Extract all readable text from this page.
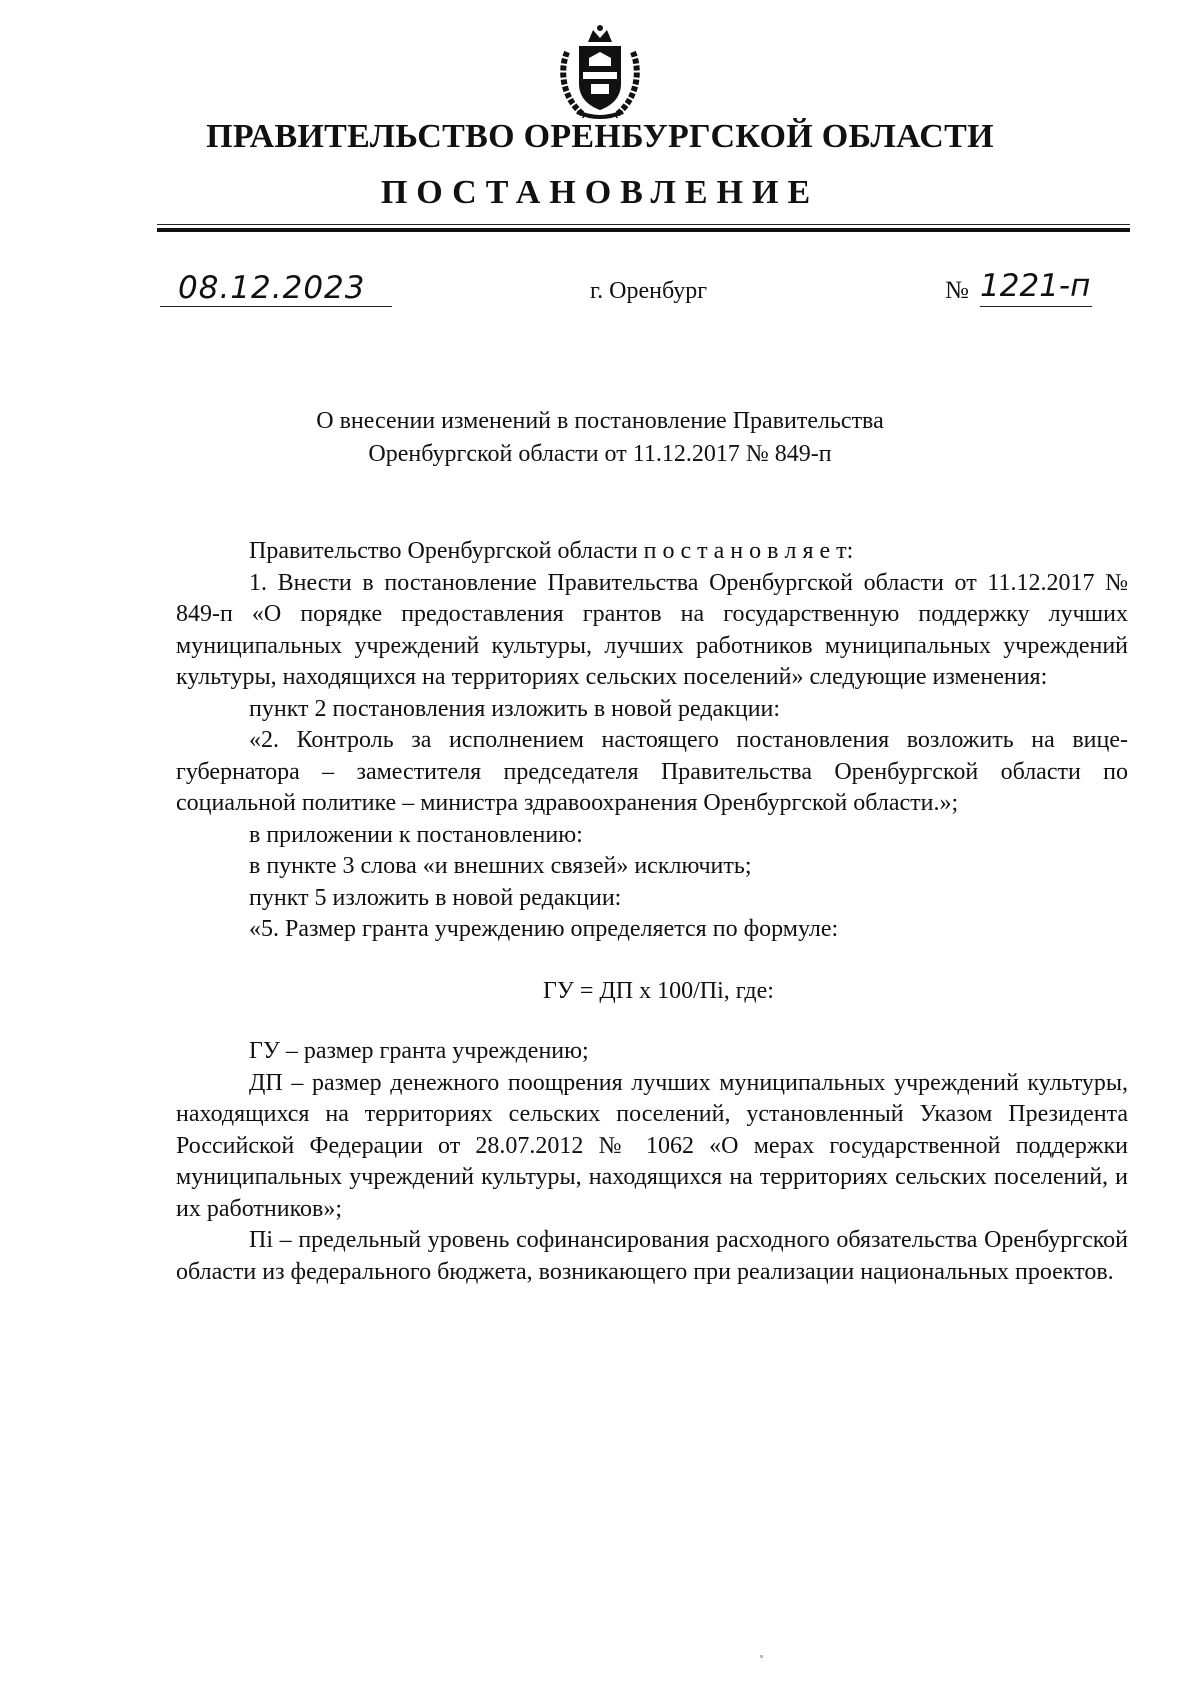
ПРАВИТЕЛЬСТВО ОРЕНБУРГСКОЙ ОБЛАСТИ
ПОСТАНОВЛЕНИЕ
08.12.2023	г. Оренбург	№ 1221-п
О внесении изменений в постановление Правительства
Оренбургской области от 11.12.2017 № 849-п

Правительство Оренбургской области п о с т а н о в л я е т:

1. Внести в постановление Правительства Оренбургской области от 11.12.2017 № 849-п «О порядке предоставления грантов на государственную поддержку лучших муниципальных учреждений культуры, лучших работников муниципальных учреждений культуры, находящихся на территориях сельских поселений» следующие изменения:

пункт 2 постановления изложить в новой редакции:

«2. Контроль за исполнением настоящего постановления возложить на вице-губернатора – заместителя председателя Правительства Оренбургской области по социальной политике – министра здравоохранения Оренбургской области.»;

в приложении к постановлению:

в пункте 3 слова «и внешних связей» исключить;

пункт 5 изложить в новой редакции:

«5. Размер гранта учреждению определяется по формуле:

ГУ = ДП х 100/Пі, где:

ГУ – размер гранта учреждению;

ДП – размер денежного поощрения лучших муниципальных учреждений культуры, находящихся на территориях сельских поселений, установленный Указом Президента Российской Федерации от 28.07.2012 № 1062 «О мерах государственной поддержки муниципальных учреждений культуры, находящихся на территориях сельских поселений, и их работников»;

Пі – предельный уровень софинансирования расходного обязательства Оренбургской области из федерального бюджета, возникающего при реализации национальных проектов.
